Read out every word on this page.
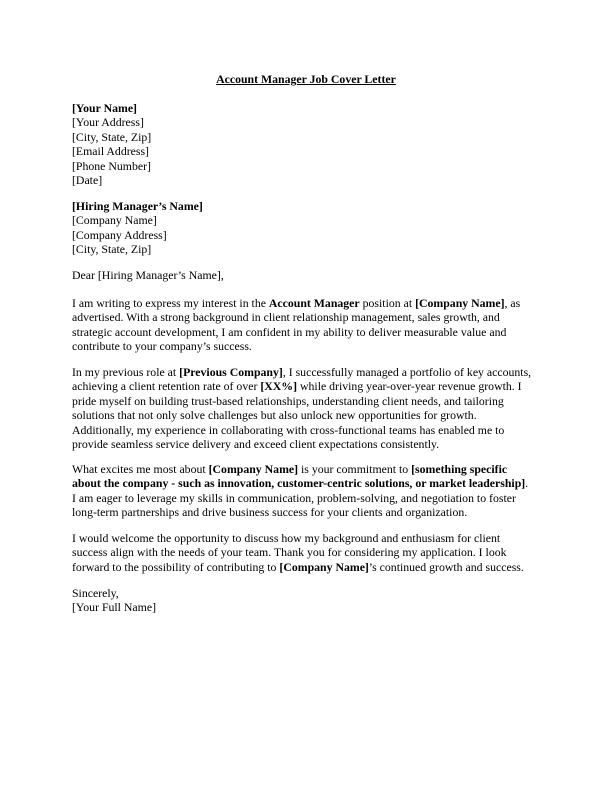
Account Manager Job Cover Letter
[Your Name]
[Your Address]
[City, State, Zip]
[Email Address]
[Phone Number]
[Date]
[Hiring Manager’s Name]
[Company Name]
[Company Address]
[City, State, Zip]
Dear [Hiring Manager’s Name],
I am writing to express my interest in the Account Manager position at [Company Name], as
advertised. With a strong background in client relationship management, sales growth, and
strategic account development, I am confident in my ability to deliver measurable value and
contribute to your company’s success.
In my previous role at [Previous Company], I successfully managed a portfolio of key accounts,
achieving a client retention rate of over [XX%] while driving year-over-year revenue growth. I
pride myself on building trust-based relationships, understanding client needs, and tailoring
solutions that not only solve challenges but also unlock new opportunities for growth.
Additionally, my experience in collaborating with cross-functional teams has enabled me to
provide seamless service delivery and exceed client expectations consistently.
What excites me most about [Company Name] is your commitment to [something specific
about the company - such as innovation, customer-centric solutions, or market leadership].
I am eager to leverage my skills in communication, problem-solving, and negotiation to foster
long-term partnerships and drive business success for your clients and organization.
I would welcome the opportunity to discuss how my background and enthusiasm for client
success align with the needs of your team. Thank you for considering my application. I look
forward to the possibility of contributing to [Company Name]’s continued growth and success.
Sincerely,
[Your Full Name]
